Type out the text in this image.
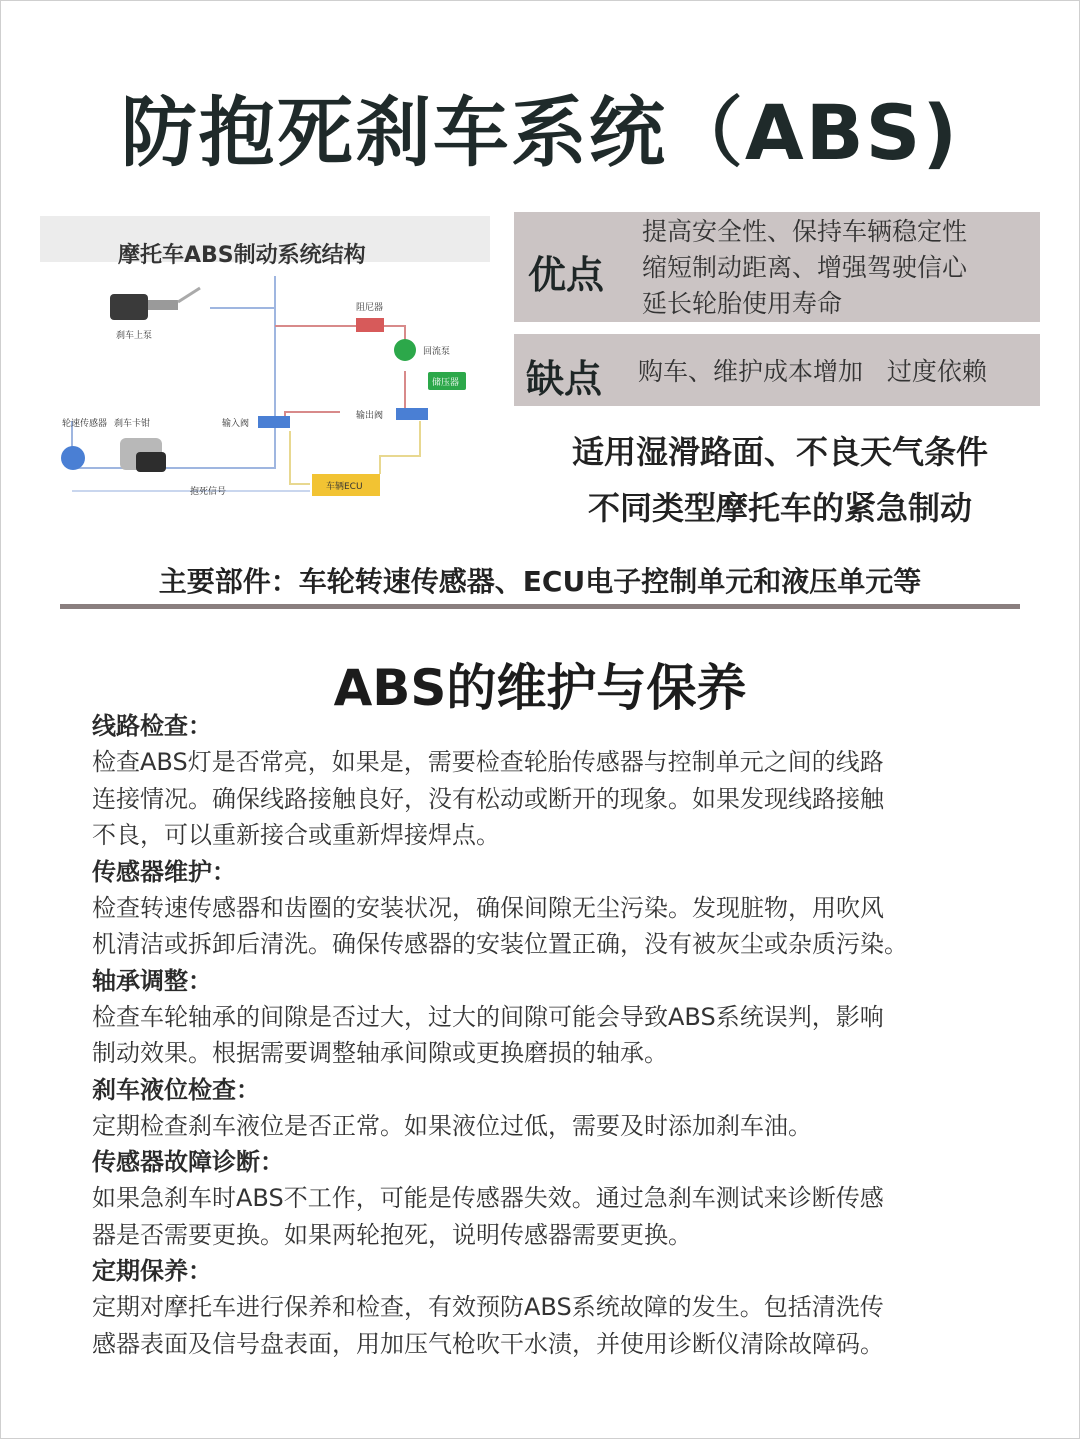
防抱死刹车系统（ABS)
摩托车ABS制动系统结构
刹车上泵
阻尼器
回流泵
储压器
轮速传感器 刹车卡钳	输入阀
输出阀
车辆ECU
抱死信号
优点
提高安全性、保持车辆稳定性
缩短制动距离、增强驾驶信心
延长轮胎使用寿命
缺点 购车、维护成本增加   过度依赖
适用湿滑路面、不良天气条件
不同类型摩托车的紧急制动
主要部件：车轮转速传感器、ECU电子控制单元和液压单元等
ABS的维护与保养
线路检查：
检查ABS灯是否常亮，如果是，需要检查轮胎传感器与控制单元之间的线路
连接情况。确保线路接触良好，没有松动或断开的现象。如果发现线路接触
不良，可以重新接合或重新焊接焊点。
传感器维护：
检查转速传感器和齿圈的安装状况，确保间隙无尘污染。发现脏物，用吹风
机清洁或拆卸后清洗。确保传感器的安装位置正确，没有被灰尘或杂质污染。
轴承调整：
检查车轮轴承的间隙是否过大，过大的间隙可能会导致ABS系统误判，影响
制动效果。根据需要调整轴承间隙或更换磨损的轴承。
刹车液位检查：
定期检查刹车液位是否正常。如果液位过低，需要及时添加刹车油。
传感器故障诊断：
如果急刹车时ABS不工作，可能是传感器失效。通过急刹车测试来诊断传感
器是否需要更换。如果两轮抱死，说明传感器需要更换。
定期保养：
定期对摩托车进行保养和检查，有效预防ABS系统故障的发生。包括清洗传
感器表面及信号盘表面，用加压气枪吹干水渍，并使用诊断仪清除故障码。
